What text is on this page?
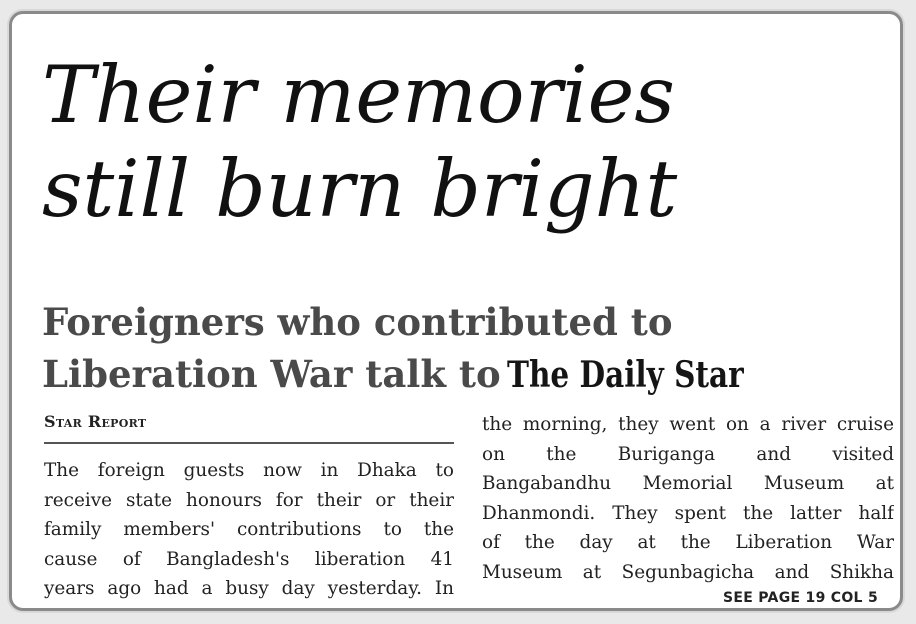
Their memories
still burn bright
Foreigners who contributed to
Liberation War talk to The Daily Star
Star Report
The foreign guests now in Dhaka to
receive state honours for their or their
family members' contributions to the
cause of Bangladesh's liberation 41
years ago had a busy day yesterday. In
the morning, they went on a river cruise
on the Buriganga and visited
Bangabandhu Memorial Museum at
Dhanmondi. They spent the latter half
of the day at the Liberation War
Museum at Segunbagicha and Shikha
SEE PAGE 19 COL 5
